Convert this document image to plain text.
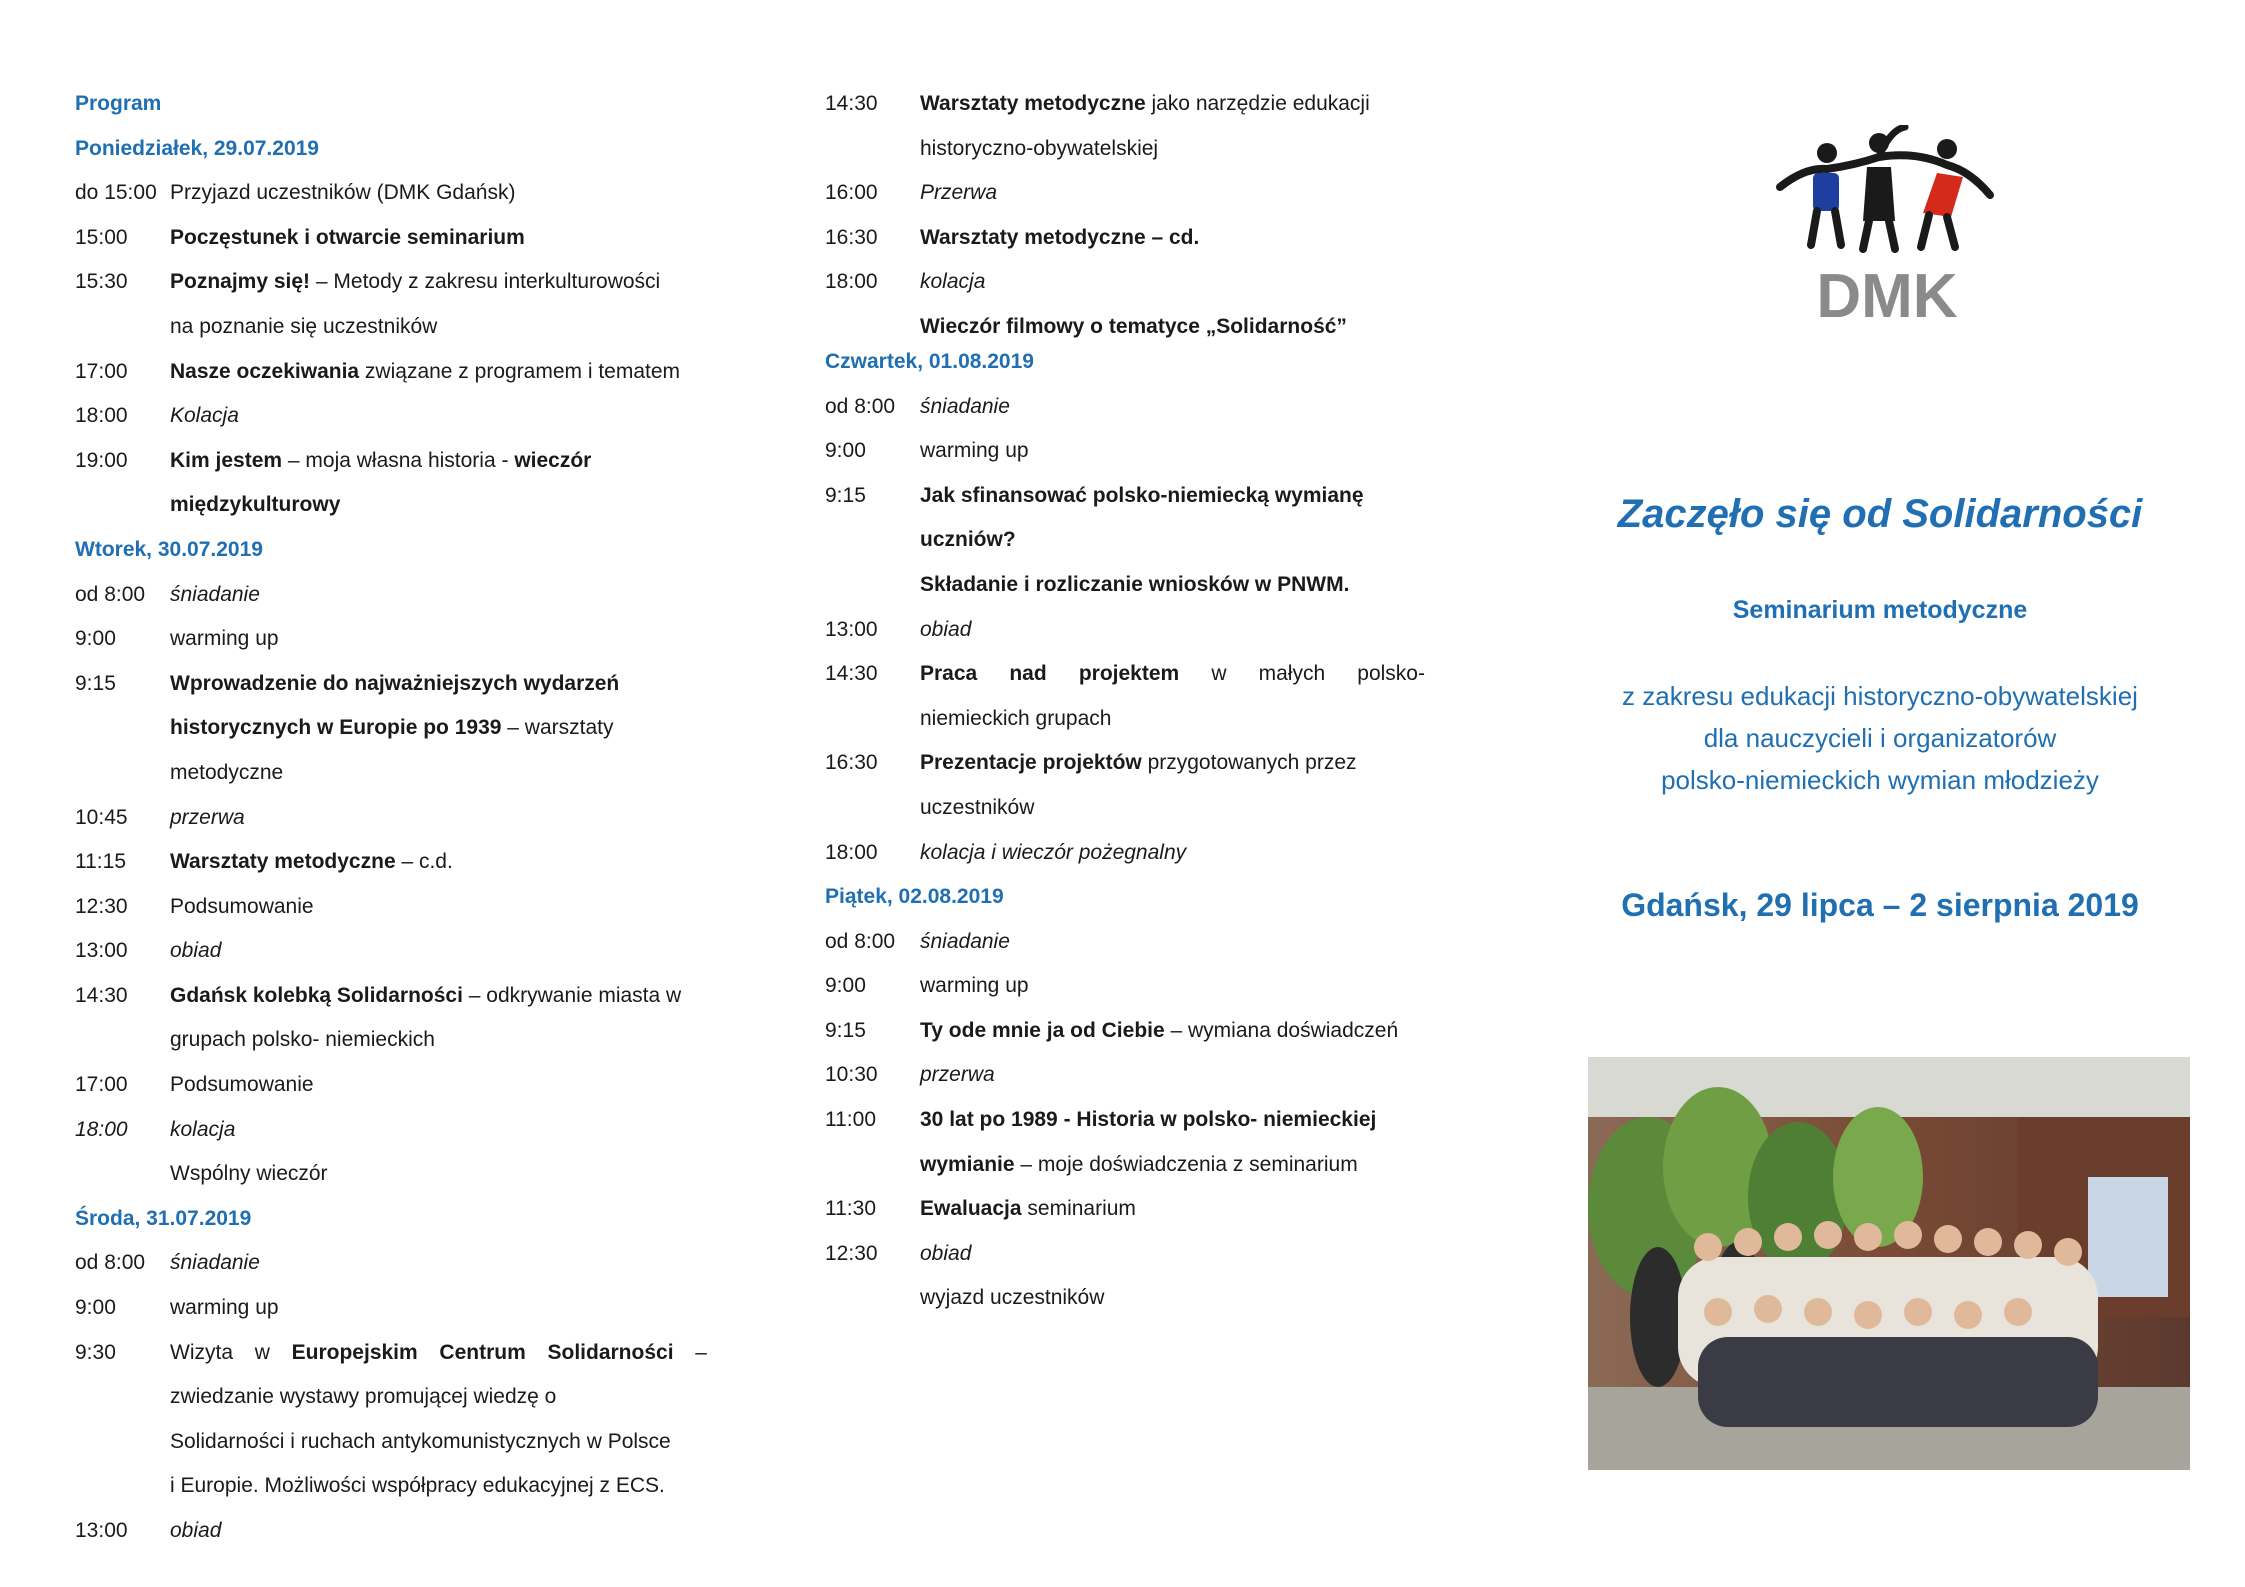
Program
Poniedziałek, 29.07.2019
do 15:00 Przyjazd uczestników (DMK Gdańsk)
15:00	Poczęstunek i otwarcie seminarium
15:30	Poznajmy się! – Metody z zakresu interkulturowości
na poznanie się uczestników
17:00	Nasze oczekiwania związane z programem i tematem
18:00	Kolacja
19:00	Kim jestem – moja własna historia - wieczór
międzykulturowy
Wtorek, 30.07.2019
od 8:00	śniadanie
9:00	warming up
9:15	Wprowadzenie do najważniejszych wydarzeń
historycznych w Europie po 1939 – warsztaty
metodyczne
10:45	przerwa
11:15	Warsztaty metodyczne – c.d.
12:30	Podsumowanie
13:00	obiad
14:30	Gdańsk kolebką Solidarności – odkrywanie miasta w
grupach polsko- niemieckich
17:00	Podsumowanie
18:00	kolacja
Wspólny wieczór
Środa, 31.07.2019
od 8:00	śniadanie
9:00	warming up
9:30	Wizyta w Europejskim Centrum Solidarności –
zwiedzanie wystawy promującej wiedzę o
Solidarności i ruchach antykomunistycznych w Polsce
i Europie. Możliwości współpracy edukacyjnej z ECS.
13:00	obiad
14:30	Warsztaty metodyczne jako narzędzie edukacji
historyczno-obywatelskiej
16:00	Przerwa
16:30	Warsztaty metodyczne – cd.
18:00	kolacja
Wieczór filmowy o tematyce „Solidarność”
Czwartek, 01.08.2019
od 8:00	śniadanie
9:00	warming up
9:15	Jak sfinansować polsko-niemiecką wymianę
uczniów?
Składanie i rozliczanie wniosków w PNWM.
13:00	obiad
14:30	Praca nad projektem w małych polsko-
niemieckich grupach
16:30	Prezentacje projektów przygotowanych przez
uczestników
18:00	kolacja i wieczór pożegnalny
Piątek, 02.08.2019
od 8:00	śniadanie
9:00	warming up
9:15	Ty ode mnie ja od Ciebie – wymiana doświadczeń
10:30	przerwa
11:00	30 lat po 1989 - Historia w polsko- niemieckiej
wymianie – moje doświadczenia z seminarium
11:30	Ewaluacja seminarium
12:30	obiad
wyjazd uczestników
DMK
Zaczęło się od Solidarności
Seminarium metodyczne
z zakresu edukacji historyczno-obywatelskiej
dla nauczycieli i organizatorów
polsko-niemieckich wymian młodzieży
Gdańsk, 29 lipca – 2 sierpnia 2019
